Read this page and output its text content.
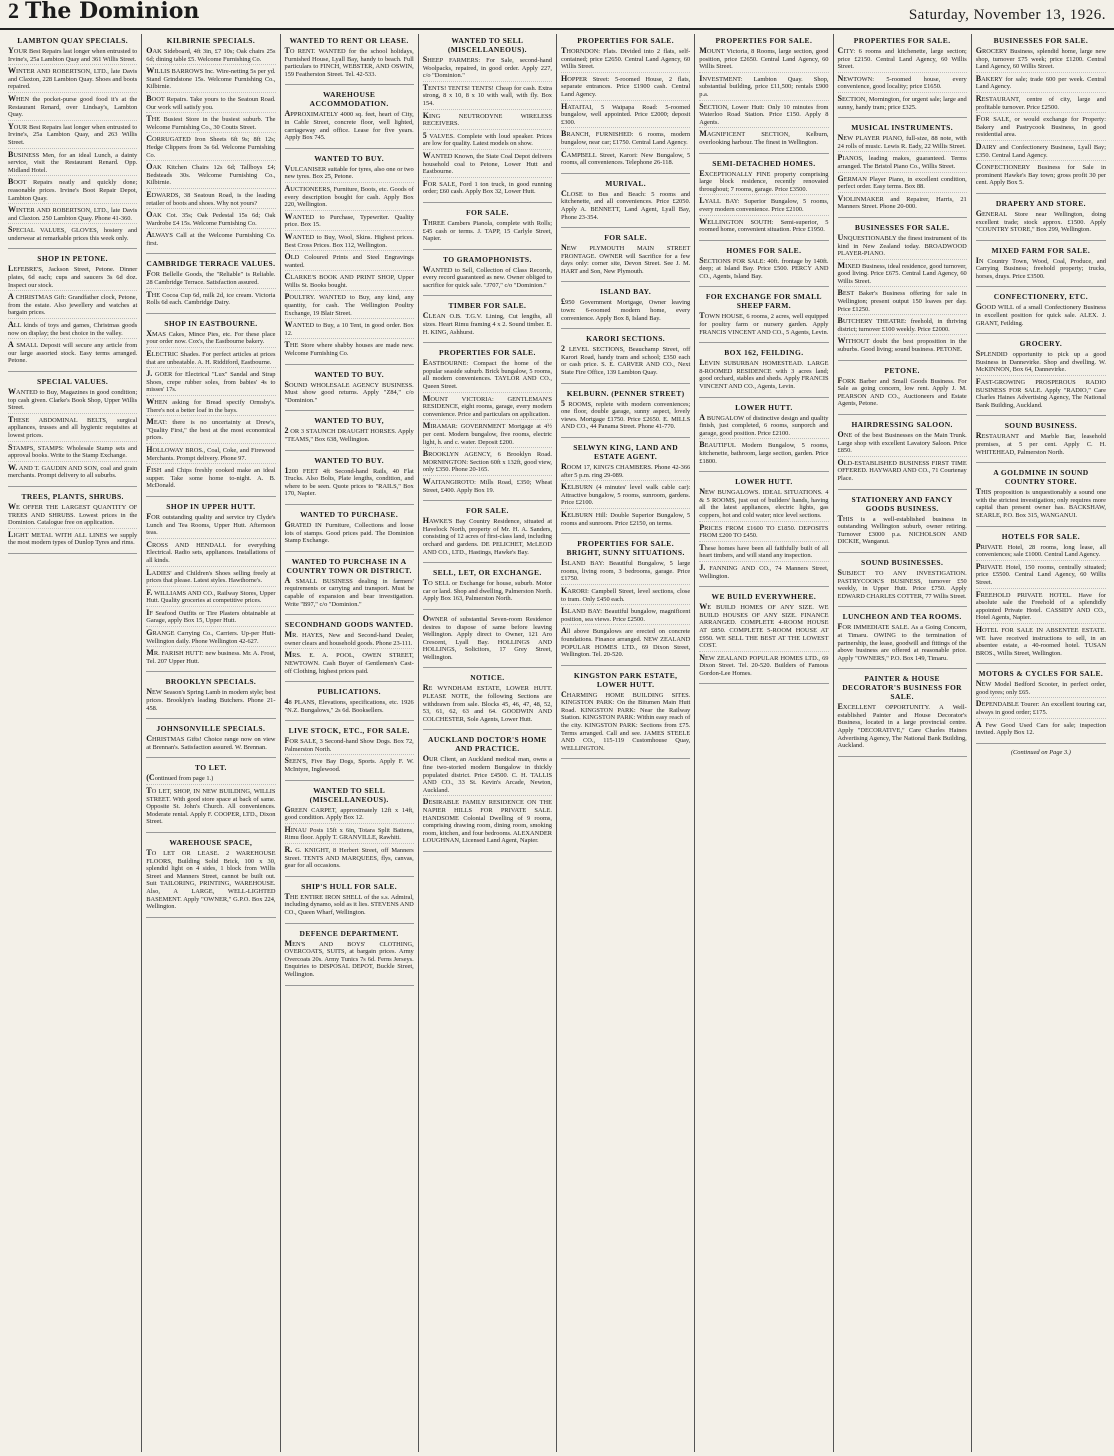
2 The Dominion	Saturday, November 13, 1926.
LAMBTON QUAY SPECIALS.

YOUR Best Repairs last longer when entrusted to Irvine's, 25a Lambton Quay and 361 Willis Street.

WINTER AND ROBERTSON, LTD., late Davis and Claxton, 228 Lambton Quay. Shoes and boots repaired.

WHEN the pocket-purse good food it's at the Restaurant Renard, over Lindsay's, Lambton Quay.

YOUR Best Repairs last longer when entrusted to Irvine's, 25a Lambton Quay, and 263 Willis Street.

BUSINESS Men, for an ideal Lunch, a dainty service, visit the Restaurant Renard. Opp. Midland Hotel.

BOOT Repairs neatly and quickly done; reasonable prices. Irvine's Boot Repair Depot, Lambton Quay.

WINTER AND ROBERTSON, LTD., late Davis and Claxton. 250 Lambton Quay. Phone 41-360.

SPECIAL VALUES, GLOVES, hosiery and underwear at remarkable prices this week only.

SHOP IN PETONE.

LEFEBRE'S, Jackson Street, Petone. Dinner plates, 6d each; cups and saucers 3s 6d doz. Inspect our stock.

A CHRISTMAS Gift: Grandfather clock, Petone, from the estate. Also jewellery and watches at bargain prices.

ALL kinds of toys and games, Christmas goods now on display; the best choice in the valley.

A SMALL Deposit will secure any article from our large assorted stock. Easy terms arranged. Petone.

SPECIAL VALUES.

WANTED to Buy, Magazines in good condition; top cash given. Clarke's Book Shop, Upper Willis Street.

THESE ABDOMINAL BELTS, surgical appliances, trusses and all hygienic requisites at lowest prices.

STAMPS, STAMPS: Wholesale Stamp sets and approval books. Write to the Stamp Exchange.

W. AND T. GAUDIN AND SON, coal and grain merchants. Prompt delivery to all suburbs.

TREES, PLANTS, SHRUBS.

WE OFFER THE LARGEST QUANTITY OF TREES AND SHRUBS. Lowest prices in the Dominion. Catalogue free on application.

LIGHT METAL WITH ALL LINES we supply the most modern types of Dunlop Tyres and rims.

KILBIRNIE SPECIALS.

OAK Sideboard, 4ft 3in, £7 10s; Oak chairs 25s 6d; dining table £5. Welcome Furnishing Co.

WILLIS BARROWS Inc. Wire-netting 5s per yd. Stand Grindstone 15s. Welcome Furnishing Co., Kilbirnie.

BOOT Repairs. Take yours to the Seatoun Road. Our work will satisfy you.

THE Busiest Store in the busiest suburb. The Welcome Furnishing Co., 30 Coutts Street.

CORRUGATED Iron Sheets 6ft 9s; 8ft 12s; Hedge Clippers from 3s 6d. Welcome Furnishing Co.

OAK Kitchen Chairs 12s 6d; Tallboys £4; Bedsteads 30s. Welcome Furnishing Co., Kilbirnie.

EDWARDS, 38 Seatoun Road, is the leading retailer of boots and shoes. Why not yours?

OAK Cot. 35s; Oak Pedestal 15s 6d; Oak Wardrobe £4 15s. Welcome Furnishing Co.

ALWAYS Call at the Welcome Furnishing Co. first.

CAMBRIDGE TERRACE VALUES.

FOR Bellelle Goods, the "Reliable" is Reliable. 28 Cambridge Terrace. Satisfaction assured.

THE Cocoa Cup 6d, milk 2d, ice cream. Victoria Rolls 6d each. Cambridge Dairy.

SHOP IN EASTBOURNE.

XMAS Cakes, Mince Pies, etc. For these place your order now. Cox's, the Eastbourne bakery.

ELECTRIC Shades. For perfect articles at prices that are unbeatable. A. H. Riddiford, Eastbourne.

J. GOER for Electrical "Lux" Sandal and Strap Shoes, crepe rubber soles, from babies' 4s to misses' 17s.

WHEN asking for Bread specify Ormsby's. There's not a better loaf in the bays.

MEAT: there is no uncertainty at Drew's, "Quality First," the best at the most economical prices.

HOLLOWAY BROS., Coal, Coke, and Firewood Merchants. Prompt delivery. Phone 97.

FISH and Chips freshly cooked make an ideal supper. Take some home to-night. A. B. McDonald.

SHOP IN UPPER HUTT.

FOR outstanding quality and service try Clyde's Lunch and Tea Rooms, Upper Hutt. Afternoon teas.

CROSS AND HENDALL for everything Electrical. Radio sets, appliances. Installations of all kinds.

LADIES' and Children's Shoes selling freely at prices that please. Latest styles. Hawthorne's.

F. WILLIAMS AND CO., Railway Stores, Upper Hutt. Quality groceries at competitive prices.

IF Seafood Outfits or Tire Plasters obtainable at Garage, apply Box 15, Upper Hutt.

GRANGE Carrying Co., Carriers. Up-per Hutt-Wellington daily. Phone Wellington 42-627.

MR. FARISH HUTT: new business. Mr. A. Frost, Tel. 207 Upper Hutt.

BROOKLYN SPECIALS.

NEW Season's Spring Lamb in modern style; best prices. Brooklyn's leading Butchers. Phone 21-458.

JOHNSONVILLE SPECIALS.

CHRISTMAS Gifts! Choice range now on view at Brennan's. Satisfaction assured. W. Brennan.

TO LET.

(Continued from page 1.)

TO LET, SHOP, IN NEW BUILDING, WILLIS STREET. With good store space at back of same. Opposite St. John's Church. All conveniences. Moderate rental. Apply F. COOPER, LTD., Dixon Street.

WAREHOUSE SPACE,

TO LET OR LEASE. 2 WAREHOUSE FLOORS, Building Solid Brick, 100 x 30, splendid light on 4 sides, 1 block from Willis Street and Manners Street, cannot be built out. Suit TAILORING, PRINTING, WAREHOUSE. Also, A LARGE, WELL-LIGHTED BASEMENT. Apply "OWNER," G.P.O. Box 224, Wellington.

WANTED TO RENT OR LEASE.

TO RENT. WANTED for the school holidays, Furnished House, Lyall Bay, handy to beach. Full particulars to FINCH, WEBSTER, AND OSWIN, 159 Featherston Street. Tel. 42-533.

WAREHOUSE ACCOMMODATION.

APPROXIMATELY 4000 sq. feet, heart of City, in Cable Street, concrete floor, well lighted, carriageway and office. Lease for five years. Apply Box 745.

WANTED TO BUY.

VULCANISER suitable for tyres, also one or two new tyres. Box 25, Petone.

AUCTIONEERS, Furniture, Boots, etc. Goods of every description bought for cash. Apply Box 220, Wellington.

WANTED to Purchase, Typewriter. Quality price. Box 15.

WANTED to Buy, Wool, Skins. Highest prices. Best Cross Prices. Box 112, Wellington.

OLD Coloured Prints and Steel Engravings wanted.

CLARKE'S BOOK AND PRINT SHOP, Upper Willis St. Books bought.

POULTRY. WANTED to Buy, any kind, any quantity, for cash. The Wellington Poultry Exchange, 19 Blair Street.

WANTED to Buy, a 10 Tent, in good order. Box 12.

THE Store where shabby houses are made new. Welcome Furnishing Co.

WANTED TO BUY.

SOUND WHOLESALE AGENCY BUSINESS. Must show good returns. Apply "Z84," c/o "Dominion."

WANTED TO BUY,

2 OR 3 STAUNCH DRAUGHT HORSES. Apply "TEAMS," Box 638, Wellington.

WANTED TO BUY.

1200 FEET 4ft Second-hand Rails, 40 Flat Trucks. Also Bolts, Plate lengths, condition, and where to be seen. Quote prices to "RAILS," Box 170, Napier.

WANTED TO PURCHASE.

GRATED IN Furniture, Collections and loose lots of stamps. Good prices paid. The Dominion Stamp Exchange.

WANTED TO PURCHASE IN A COUNTRY TOWN OR DISTRICT.

A SMALL BUSINESS dealing in farmers' requirements or carrying and transport. Must be capable of expansion and bear investigation. Write "B97," c/o "Dominion."

SECONDHAND GOODS WANTED.

MR. HAYES, New and Second-hand Dealer, owner clears and household goods. Phone 23-111.

MRS. E. A. POOL, OWEN STREET, NEWTOWN. Cash Buyer of Gentlemen's Cast-off Clothing, highest prices paid.

PUBLICATIONS.

48 PLANS, Elevations, specifications, etc. 1926 "N.Z. Bungalows," 2s 6d. Booksellers.

LIVE STOCK, ETC., FOR SALE.

FOR SALE, 3 Second-hand Show Dogs. Box 72, Palmerston North.

SEEN'S, Five Bay Dogs, Sports. Apply F. W. McIntyre, Inglewood.

WANTED TO SELL (MISCELLANEOUS).

GREEN CARPET, approximately 12ft x 14ft, good condition. Apply Box 12.

HINAU Posts 15ft x 6in, Totara Split Battens, Rimu floor. Apply T. GRANVILLE, Rawhiti.

R. G. KNIGHT, 8 Herbert Street, off Manners Street. TENTS AND MARQUEES, flys, canvas, gear for all occasions.

SHIP'S HULL FOR SALE.

THE ENTIRE IRON SHELL of the s.s. Admiral, including dynamo, sold as it lies. STEVENS AND CO., Queen Wharf, Wellington.

DEFENCE DEPARTMENT.

MEN'S AND BOYS' CLOTHING, OVERCOATS, SUITS, at bargain prices. Army Overcoats 20s. Army Tunics 7s 6d. Ferns Jerseys. Enquiries to DISPOSAL DEPOT, Buckle Street, Wellington.

WANTED TO SELL (MISCELLANEOUS).

SHEEP FARMERS: For Sale, second-hand Woolpacks, repaired, in good order. Apply 227, c/o "Dominion."

TENTS! TENTS! TENTS! Cheap for cash. Extra strong, 8 x 10, 8 x 10 with wall, with fly. Box 154.

KING NEUTRODYNE WIRELESS RECEIVERS.

5 VALVES. Complete with loud speaker. Prices are low for quality. Latest models on show.

WANTED Known, the State Coal Depot delivers household coal to Petone, Lower Hutt and Eastbourne.

FOR SALE, Ford 1 ton truck, in good running order; £60 cash. Apply Box 32, Lower Hutt.

FOR SALE.

THREE Cambers Pianola, complete with Rolls; £45 cash or terms. J. TAPP, 15 Carlyle Street, Napier.

TO GRAMOPHONISTS.

WANTED to Sell, Collection of Class Records, every record guaranteed as new. Owner obliged to sacrifice for quick sale. "J707," c/o "Dominion."

TIMBER FOR SALE.

CLEAN O.B. T.G.V. Lining, Cut lengths, all sizes. Heart Rimu framing 4 x 2. Sound timber. E. H. KING, Ashhurst.

PROPERTIES FOR SALE.

EASTBOURNE: Compact the home of the popular seaside suburb. Brick bungalow, 5 rooms, all modern conveniences. TAYLOR AND CO., Queen Street.

MOUNT VICTORIA: GENTLEMAN'S RESIDENCE, eight rooms, garage, every modern convenience. Price and particulars on application.

MIRAMAR: GOVERNMENT Mortgage at 4½ per cent. Modern bungalow, five rooms, electric light, h. and c. water. Deposit £200.

BROOKLYN AGENCY, 6 Brooklyn Road. MORNINGTON: Section 60ft x 132ft, good view, only £350. Phone 20-165.

WAITANGIROTO: Mills Road, £350; Wheat Street, £400. Apply Box 19.

FOR SALE.

HAWKE'S Bay Country Residence, situated at Havelock North, property of Mr. H. A. Sanders, consisting of 12 acres of first-class land, including orchard and gardens. DE PELICHET, McLEOD AND CO., LTD., Hastings, Hawke's Bay.

SELL, LET, OR EXCHANGE.

TO SELL or Exchange for house, suburb. Motor car or land. Shop and dwelling, Palmerston North. Apply Box 163, Palmerston North.

OWNER of substantial Seven-room Residence desires to dispose of same before leaving Wellington. Apply direct to Owner, 121 Aro Crescent, Lyall Bay. HOLLINGS AND HOLLINGS, Solicitors, 17 Grey Street, Wellington.

NOTICE.

RE WYNDHAM ESTATE, LOWER HUTT. PLEASE NOTE, the following Sections are withdrawn from sale. Blocks 45, 46, 47, 48, 52, 53, 61, 62, 63 and 64. GOODWIN AND COLCHESTER, Sole Agents, Lower Hutt.

AUCKLAND DOCTOR'S HOME AND PRACTICE.

OUR Client, an Auckland medical man, owns a fine two-storied modern Bungalow in thickly populated district. Price £4500. C. H. TALLIS AND CO., 33 St. Kevin's Arcade, Newton, Auckland.

DESIRABLE FAMILY RESIDENCE ON THE NAPIER HILLS FOR PRIVATE SALE. HANDSOME Colonial Dwelling of 9 rooms, comprising drawing room, dining room, smoking room, kitchen, and four bedrooms. ALEXANDER LOUGHNAN, Licensed Land Agent, Napier.

PROPERTIES FOR SALE.

THORNDON: Flats. Divided into 2 flats, self-contained; price £2650. Central Land Agency, 60 Willis Street.

HOPPER Street: 5-roomed House, 2 flats, separate entrances. Price £1900 cash. Central Land Agency.

HATAITAI, 5 Waipapa Road: 5-roomed bungalow, well appointed. Price £2000; deposit £300.

BRANCH, FURNISHED: 6 rooms, modern bungalow, near car; £1750. Central Land Agency.

CAMPBELL Street, Karori: New Bungalow, 5 rooms, all conveniences. Telephone 26-118.

MURIVAL.

CLOSE to Bus and Beach: 5 rooms and kitchenette, and all conveniences. Price £2050. Apply A. BENNETT, Land Agent, Lyall Bay, Phone 23-354.

FOR SALE.

NEW PLYMOUTH MAIN STREET FRONTAGE. OWNER will Sacrifice for a few days only: corner site, Devon Street. See J. M. HART and Son, New Plymouth.

ISLAND BAY.

£950 Government Mortgage, Owner leaving town: 6-roomed modern home, every convenience. Apply Box 8, Island Bay.

KARORI SECTIONS.

2 LEVEL SECTIONS, Beauchamp Street, off Karori Road, handy tram and school; £350 each or cash price. S. E. CARVER AND CO., Next State Fire Office, 139 Lambton Quay.

KELBURN. (PENNER STREET)

5 ROOMS, replete with modern conveniences; one floor, double garage, sunny aspect, lovely views. Mortgage £1750. Price £2650. E. MILLS AND CO., 44 Panama Street. Phone 41-770.

SELWYN KING, LAND AND ESTATE AGENT.

ROOM 17, KING'S CHAMBERS. Phone 42-366 after 5 p.m. ring 29-089.

KELBURN (4 minutes' level walk cable car): Attractive bungalow, 5 rooms, sunroom, gardens. Price £2100.

KELBURN Hill: Double Superior Bungalow, 5 rooms and sunroom. Price £2150, on terms.

PROPERTIES FOR SALE. BRIGHT, SUNNY SITUATIONS.

ISLAND BAY: Beautiful Bungalow, 5 large rooms, living room, 3 bedrooms, garage. Price £1750.

KARORI: Campbell Street, level sections, close to tram. Only £450 each.

ISLAND BAY: Beautiful bungalow, magnificent position, sea views. Price £2500.

All above Bungalows are erected on concrete foundations. Finance arranged. NEW ZEALAND POPULAR HOMES LTD., 69 Dixon Street, Wellington. Tel. 20-520.

KINGSTON PARK ESTATE, LOWER HUTT.

CHARMING HOME BUILDING SITES. KINGSTON PARK: On the Bitumen Main Hutt Road. KINGSTON PARK: Near the Railway Station. KINGSTON PARK: Within easy reach of the city. KINGSTON PARK: Sections from £75. Terms arranged. Call and see. JAMES STEELE AND CO., 115-119 Customhouse Quay, WELLINGTON.

PROPERTIES FOR SALE.

MOUNT Victoria, 8 Rooms, large section, good position, price £2650. Central Land Agency, 60 Willis Street.

INVESTMENT: Lambton Quay. Shop, substantial building, price £11,500; rentals £900 p.a.

SECTION, Lower Hutt: Only 10 minutes from Waterloo Road Station. Price £150. Apply 8 Agents.

MAGNIFICENT SECTION, Kelburn, overlooking harbour. The finest in Wellington.

SEMI-DETACHED HOMES.

EXCEPTIONALLY FINE property comprising large block residence, recently renovated throughout; 7 rooms, garage. Price £3500.

LYALL BAY: Superior Bungalow, 5 rooms, every modern convenience. Price £2100.

WELLINGTON SOUTH: Semi-superior, 5 roomed home, convenient situation. Price £1950.

HOMES FOR SALE.

SECTIONS FOR SALE: 40ft. frontage by 140ft. deep; at Island Bay. Price £500. PERCY AND CO., Agents, Island Bay.

FOR EXCHANGE FOR SMALL SHEEP FARM.

TOWN HOUSE, 6 rooms, 2 acres, well equipped for poultry farm or nursery garden. Apply FRANCIS VINCENT AND CO., 5 Agents, Levin.

BOX 162, FEILDING.

LEVIN SUBURBAN HOMESTEAD. LARGE 8-ROOMED RESIDENCE with 3 acres land; good orchard, stables and sheds. Apply FRANCIS VINCENT AND CO., Agents, Levin.

LOWER HUTT.

A BUNGALOW of distinctive design and quality finish, just completed, 6 rooms, sunporch and garage, good position. Price £2100.

BEAUTIFUL Modern Bungalow, 5 rooms, kitchenette, bathroom, large section, garden. Price £1800.

LOWER HUTT.

NEW BUNGALOWS. IDEAL SITUATIONS. 4 & 5 ROOMS, just out of builders' hands, having all the latest appliances, electric lights, gas coppers, hot and cold water; nice level sections.

PRICES FROM £1600 TO £1850. DEPOSITS FROM £200 TO £450.

These homes have been all faithfully built of all heart timbers, and will stand any inspection.

J. FANNING AND CO., 74 Manners Street, Wellington.

WE BUILD EVERYWHERE.

WE BUILD HOMES OF ANY SIZE. WE BUILD HOUSES OF ANY SIZE. FINANCE ARRANGED. COMPLETE 4-ROOM HOUSE AT £850. COMPLETE 5-ROOM HOUSE AT £950. WE SELL THE BEST AT THE LOWEST COST.

NEW ZEALAND POPULAR HOMES LTD., 69 Dixon Street. Tel. 20-520. Builders of Famous Gordon-Lee Homes.

PROPERTIES FOR SALE.

CITY: 6 rooms and kitchenette, large section; price £2150. Central Land Agency, 60 Willis Street.

NEWTOWN: 5-roomed house, every convenience, good locality; price £1650.

SECTION, Mornington, for urgent sale; large and sunny, handy tram; price £325.

MUSICAL INSTRUMENTS.

NEW PLAYER PIANO, full-size, 88 note, with 24 rolls of music. Lewis R. Eady, 22 Willis Street.

PIANOS, leading makes, guaranteed. Terms arranged. The Bristol Piano Co., Willis Street.

GERMAN Player Piano, in excellent condition, perfect order. Easy terms. Box 88.

VIOLINMAKER and Repairer, Harris, 21 Manners Street. Phone 20-000.

BUSINESSES FOR SALE.

UNQUESTIONABLY the finest instrument of its kind in New Zealand today. BROADWOOD PLAYER-PIANO.

MIXED Business, ideal residence, good turnover, good living. Price £675. Central Land Agency, 60 Willis Street.

BEST Baker's Business offering for sale in Wellington; present output 150 loaves per day. Price £1250.

BUTCHERY THEATRE: freehold, in thriving district; turnover £100 weekly. Price £2000.

WITHOUT doubt the best proposition in the suburbs. Good living; sound business. PETONE.

PETONE.

FORK Barber and Small Goods Business. For Sale as going concern, low rent. Apply J. M. PEARSON AND CO., Auctioneers and Estate Agents, Petone.

HAIRDRESSING SALOON.

ONE of the best Businesses on the Main Trunk. Large shop with excellent Lavatory Saloon. Price £850.

OLD-ESTABLISHED BUSINESS FIRST TIME OFFERED. HAYWARD AND CO., 71 Courtenay Place.

STATIONERY AND FANCY GOODS BUSINESS.

THIS is a well-established business in outstanding Wellington suburb, owner retiring. Turnover £3000 p.a. NICHOLSON AND DICKIE, Wanganui.

SOUND BUSINESSES.

SUBJECT TO ANY INVESTIGATION. PASTRYCOOK'S BUSINESS, turnover £50 weekly, in Upper Hutt. Price £750. Apply EDWARD CHARLES COTTER, 77 Willis Street.

LUNCHEON AND TEA ROOMS.

FOR IMMEDIATE SALE. As a Going Concern, at Timaru. OWING to the termination of partnership, the lease, goodwill and fittings of the above business are offered at reasonable price. Apply "OWNERS," P.O. Box 149, Timaru.

PAINTER & HOUSE DECORATOR'S BUSINESS FOR SALE.

EXCELLENT OPPORTUNITY. A Well-established Painter and House Decorator's Business, located in a large provincial centre. Apply "DECORATIVE," Care Charles Haines Advertising Agency, The National Bank Building, Auckland.

BUSINESSES FOR SALE.

GROCERY Business, splendid home, large new shop, turnover £75 week; price £1200. Central Land Agency, 60 Willis Street.

BAKERY for sale; trade 600 per week. Central Land Agency.

RESTAURANT, centre of city, large and profitable turnover. Price £2500.

FOR SALE, or would exchange for Property: Bakery and Pastrycook Business, in good residential area.

DAIRY and Confectionery Business, Lyall Bay; £350. Central Land Agency.

CONFECTIONERY Business for Sale in prominent Hawke's Bay town; gross profit 30 per cent. Apply Box 5.

DRAPERY AND STORE.

GENERAL Store near Wellington, doing excellent trade; stock approx. £1500. Apply "COUNTRY STORE," Box 299, Wellington.

MIXED FARM FOR SALE.

IN Country Town, Wood, Coal, Produce, and Carrying Business; freehold property; trucks, horses, drays. Price £3500.

CONFECTIONERY, ETC.

GOOD WILL of a small Confectionery Business in excellent position for quick sale. ALEX. J. GRANT, Feilding.

GROCERY.

SPLENDID opportunity to pick up a good Business in Dannevirke. Shop and dwelling. W. McKINNON, Box 64, Dannevirke.

FAST-GROWING PROSPEROUS RADIO BUSINESS FOR SALE. Apply "RADIO," Care Charles Haines Advertising Agency, The National Bank Building, Auckland.

SOUND BUSINESS.

RESTAURANT and Marble Bar, leasehold premises, at 5 per cent. Apply C. H. WHITEHEAD, Palmerston North.

A GOLDMINE IN SOUND COUNTRY STORE.

THIS proposition is unquestionably a sound one with the strictest investigation; only requires more capital than present owner has. BACKSHAW, SEARLE, P.O. Box 315, WANGANUI.

HOTELS FOR SALE.

PRIVATE Hotel, 28 rooms, long lease, all conveniences; sale £1000. Central Land Agency.

PRIVATE Hotel, 150 rooms, centrally situated; price £5500. Central Land Agency, 60 Willis Street.

FREEHOLD PRIVATE HOTEL. Have for absolute sale the Freehold of a splendidly appointed Private Hotel. CASSIDY AND CO., Hotel Agents, Napier.

HOTEL FOR SALE IN ABSENTEE ESTATE. WE have received instructions to sell, in an absentee estate, a 40-roomed hotel. TUSAN BROS., Willis Street, Wellington.

MOTORS & CYCLES FOR SALE.

NEW Model Bedford Scooter, in perfect order, good tyres; only £65.

DEPENDABLE Tourer: An excellent touring car, always in good order; £175.

A Few Good Used Cars for sale; inspection invited. Apply Box 12.

(Continued on Page 3.)
